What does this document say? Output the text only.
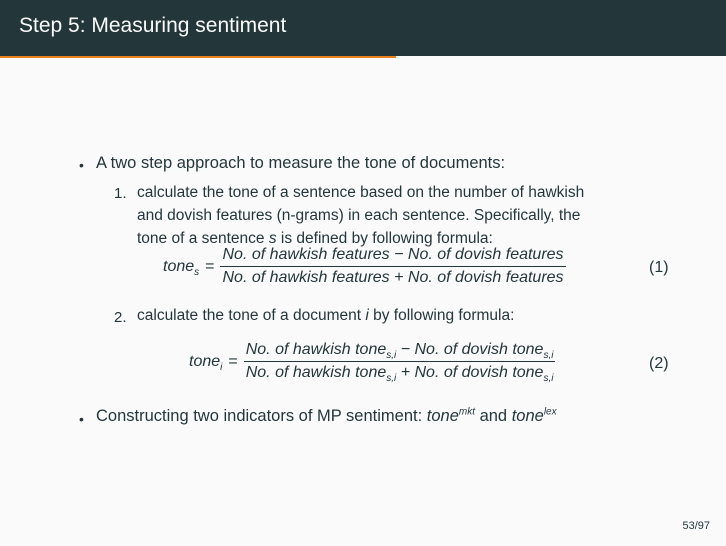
Step 5: Measuring sentiment
• A two step approach to measure the tone of documents:
1. calculate the tone of a sentence based on the number of hawkish
and dovish features (n-grams) in each sentence. Specifically, the
tone of a sentence s is defined by following formula:
tone$_s$ = $\frac{\text{No. of hawkish features − No. of dovish features}}{\text{No. of hawkish features + No. of dovish features}}$	(1)
2. calculate the tone of a document i by following formula:
tone$_i$ = $\frac{No. of hawkish tone_{s,i} - No. of dovish tone_{s,i}}{No. of hawkish tone_{s,i} + No. of dovish tone_{s,i}}$	(2)
• Constructing two indicators of MP sentiment: tone$^{mkt}$ and tone$^{lex}$
53/97
